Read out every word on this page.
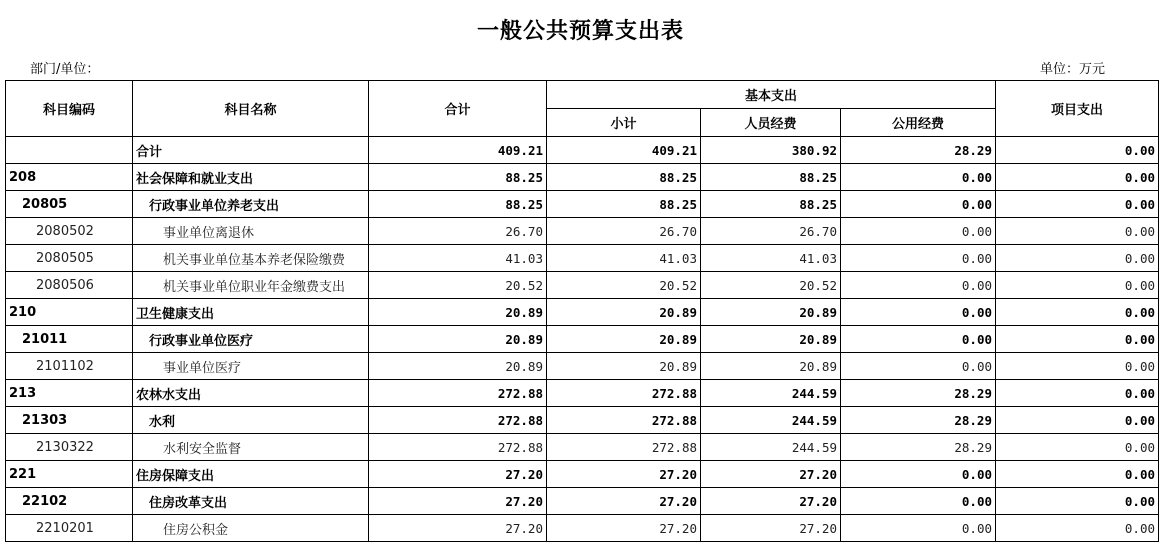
一般公共预算支出表
部门/单位：	单位：万元
科目编码	科目名称	合计	基本支出			项目支出
			小计	人员经费	公用经费	
	合计	409.21	409.21	380.92	28.29	0.00
208	社会保障和就业支出	88.25	88.25	88.25	0.00	0.00
20805	行政事业单位养老支出	88.25	88.25	88.25	0.00	0.00
2080502	事业单位离退休	26.70	26.70	26.70	0.00	0.00
2080505	机关事业单位基本养老保险缴费	41.03	41.03	41.03	0.00	0.00
2080506	机关事业单位职业年金缴费支出	20.52	20.52	20.52	0.00	0.00
210	卫生健康支出	20.89	20.89	20.89	0.00	0.00
21011	行政事业单位医疗	20.89	20.89	20.89	0.00	0.00
2101102	事业单位医疗	20.89	20.89	20.89	0.00	0.00
213	农林水支出	272.88	272.88	244.59	28.29	0.00
21303	水利	272.88	272.88	244.59	28.29	0.00
2130322	水利安全监督	272.88	272.88	244.59	28.29	0.00
221	住房保障支出	27.20	27.20	27.20	0.00	0.00
22102	住房改革支出	27.20	27.20	27.20	0.00	0.00
2210201	住房公积金	27.20	27.20	27.20	0.00	0.00
